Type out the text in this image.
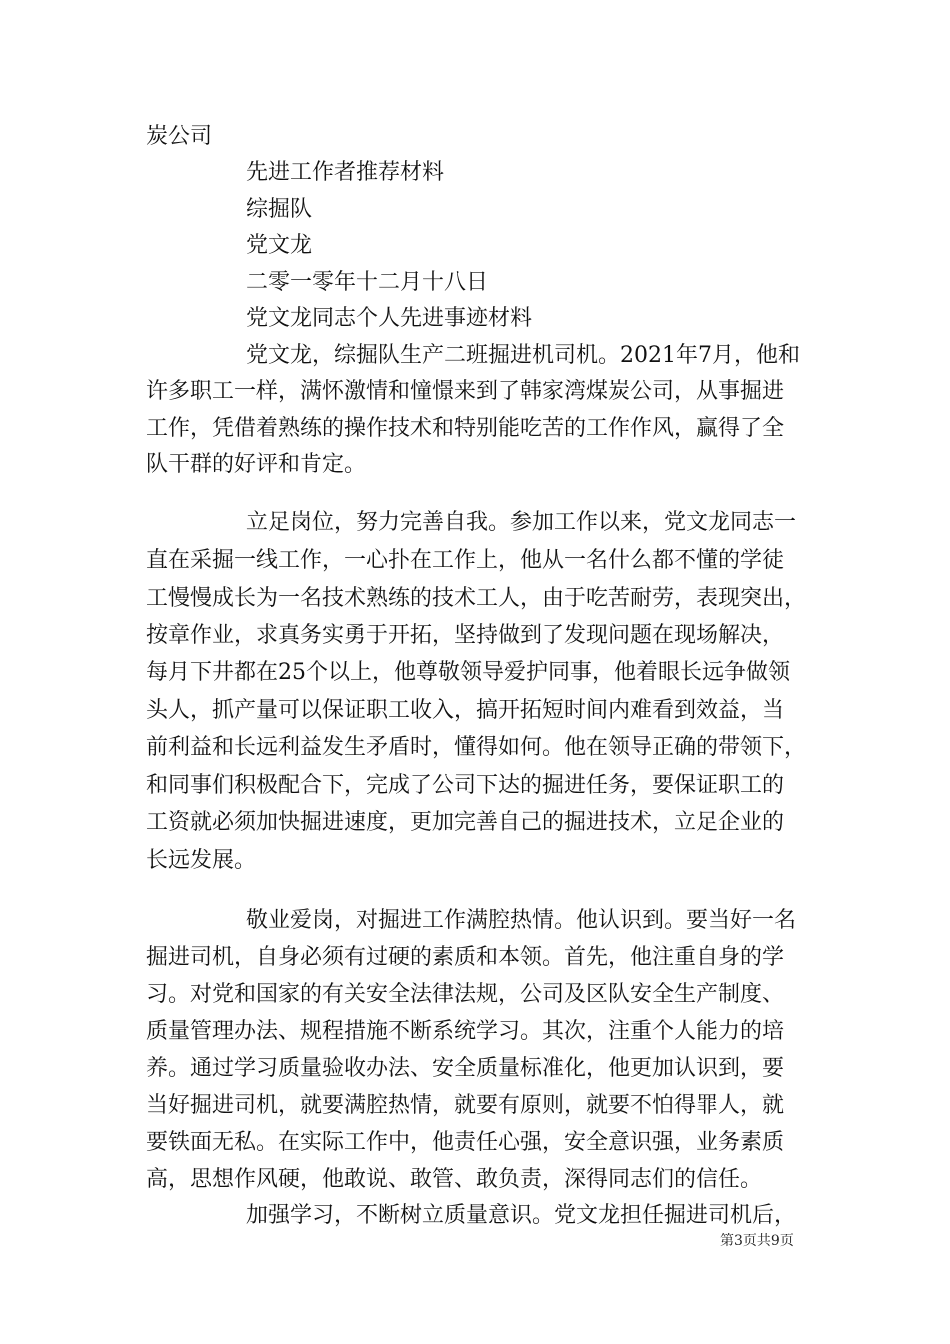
炭公司
先进工作者推荐材料
综掘队
党文龙
二零一零年十二月十八日
党文龙同志个人先进事迹材料
党文龙，综掘队生产二班掘进机司机。2021年7月，他和
许多职工一样，满怀激情和憧憬来到了韩家湾煤炭公司，从事掘进
工作，凭借着熟练的操作技术和特别能吃苦的工作作风，赢得了全
队干群的好评和肯定。
立足岗位，努力完善自我。参加工作以来，党文龙同志一
直在采掘一线工作，一心扑在工作上，他从一名什么都不懂的学徒
工慢慢成长为一名技术熟练的技术工人，由于吃苦耐劳，表现突出，
按章作业，求真务实勇于开拓，坚持做到了发现问题在现场解决，
每月下井都在25个以上，他尊敬领导爱护同事，他着眼长远争做领
头人，抓产量可以保证职工收入，搞开拓短时间内难看到效益，当
前利益和长远利益发生矛盾时，懂得如何。他在领导正确的带领下，
和同事们积极配合下，完成了公司下达的掘进任务，要保证职工的
工资就必须加快掘进速度，更加完善自己的掘进技术，立足企业的
长远发展。
敬业爱岗，对掘进工作满腔热情。他认识到。要当好一名
掘进司机，自身必须有过硬的素质和本领。首先，他注重自身的学
习。对党和国家的有关安全法律法规，公司及区队安全生产制度、
质量管理办法、规程措施不断系统学习。其次，注重个人能力的培
养。通过学习质量验收办法、安全质量标准化，他更加认识到，要
当好掘进司机，就要满腔热情，就要有原则，就要不怕得罪人，就
要铁面无私。在实际工作中，他责任心强，安全意识强，业务素质
高，思想作风硬，他敢说、敢管、敢负责，深得同志们的信任。
加强学习，不断树立质量意识。党文龙担任掘进司机后，
第3页共9页
